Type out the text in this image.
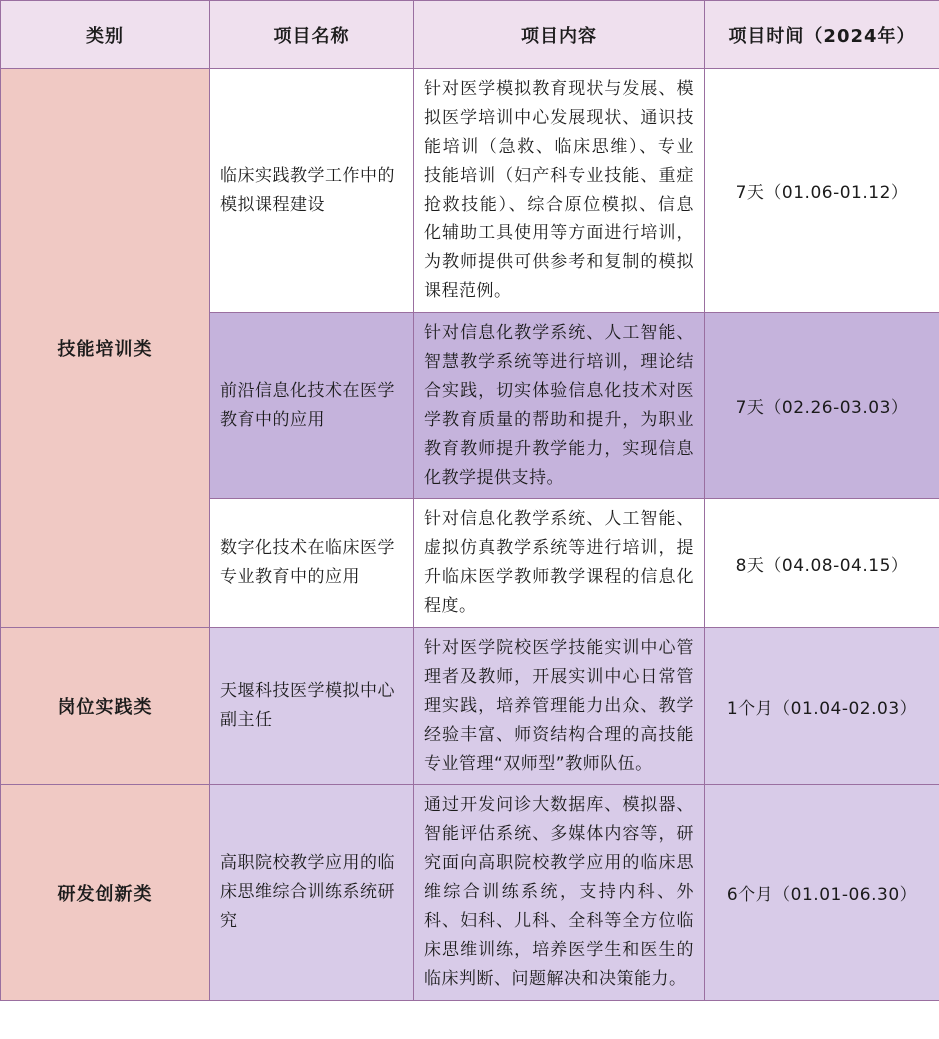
类别	项目名称	项目内容	项目时间（2024年）
技能培训类	临床实践教学工作中的模拟课程建设	针对医学模拟教育现状与发展、模拟医学培训中心发展现状、通识技能培训（急救、临床思维）、专业技能培训（妇产科专业技能、重症抢救技能）、综合原位模拟、信息化辅助工具使用等方面进行培训，为教师提供可供参考和复制的模拟课程范例。	7天（01.06-01.12）
	前沿信息化技术在医学教育中的应用	针对信息化教学系统、人工智能、智慧教学系统等进行培训，理论结合实践，切实体验信息化技术对医学教育质量的帮助和提升，为职业教育教师提升教学能力，实现信息化教学提供支持。	7天（02.26-03.03）
	数字化技术在临床医学专业教育中的应用	针对信息化教学系统、人工智能、虚拟仿真教学系统等进行培训，提升临床医学教师教学课程的信息化程度。	8天（04.08-04.15）
岗位实践类	天堰科技医学模拟中心副主任	针对医学院校医学技能实训中心管理者及教师，开展实训中心日常管理实践，培养管理能力出众、教学经验丰富、师资结构合理的高技能专业管理“双师型”教师队伍。	1个月（01.04-02.03）
研发创新类	高职院校教学应用的临床思维综合训练系统研究	通过开发问诊大数据库、模拟器、智能评估系统、多媒体内容等，研究面向高职院校教学应用的临床思维综合训练系统，支持内科、外科、妇科、儿科、全科等全方位临床思维训练，培养医学生和医生的临床判断、问题解决和决策能力。	6个月（01.01-06.30）
